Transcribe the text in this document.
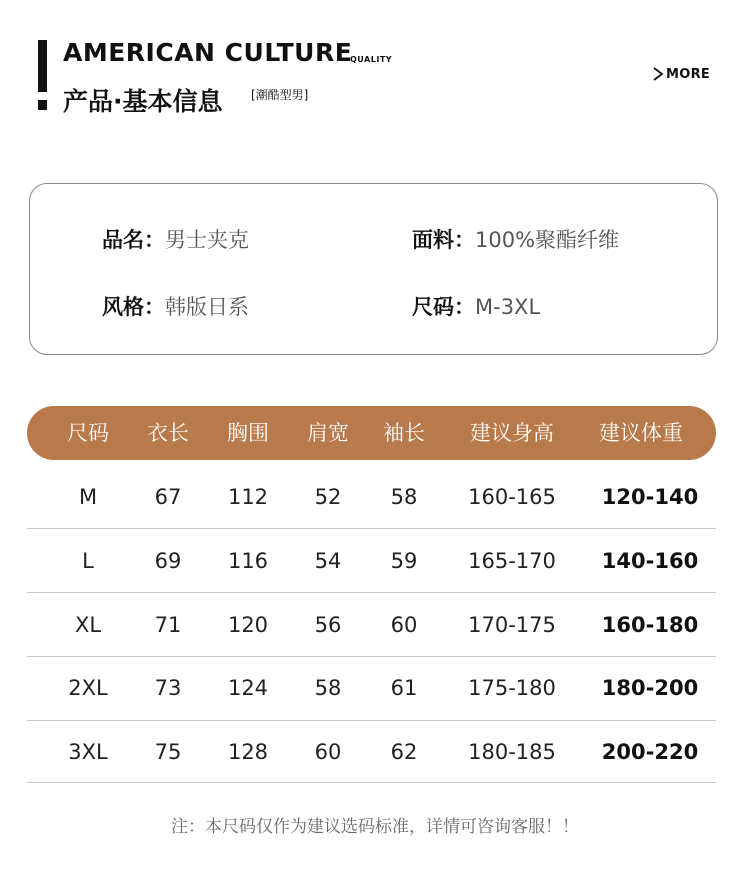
AMERICAN CULTURE
QUALITY
产品·基本信息 [潮酷型男]
MORE
品名：男士夹克	面料：100%聚酯纤维
风格：韩版日系	尺码：M-3XL
尺码 衣长 胸围 肩宽 袖长 建议身高 建议体重
M	67 112 52 58 160-165 120-140
L	69 116 54 59 165-170 140-160
XL	71 120 56 60 170-175 160-180
2XL 73 124 58 61 175-180 180-200
3XL 75 128 60 62 180-185 200-220
注：本尺码仅作为建议选码标准，详情可咨询客服！！
